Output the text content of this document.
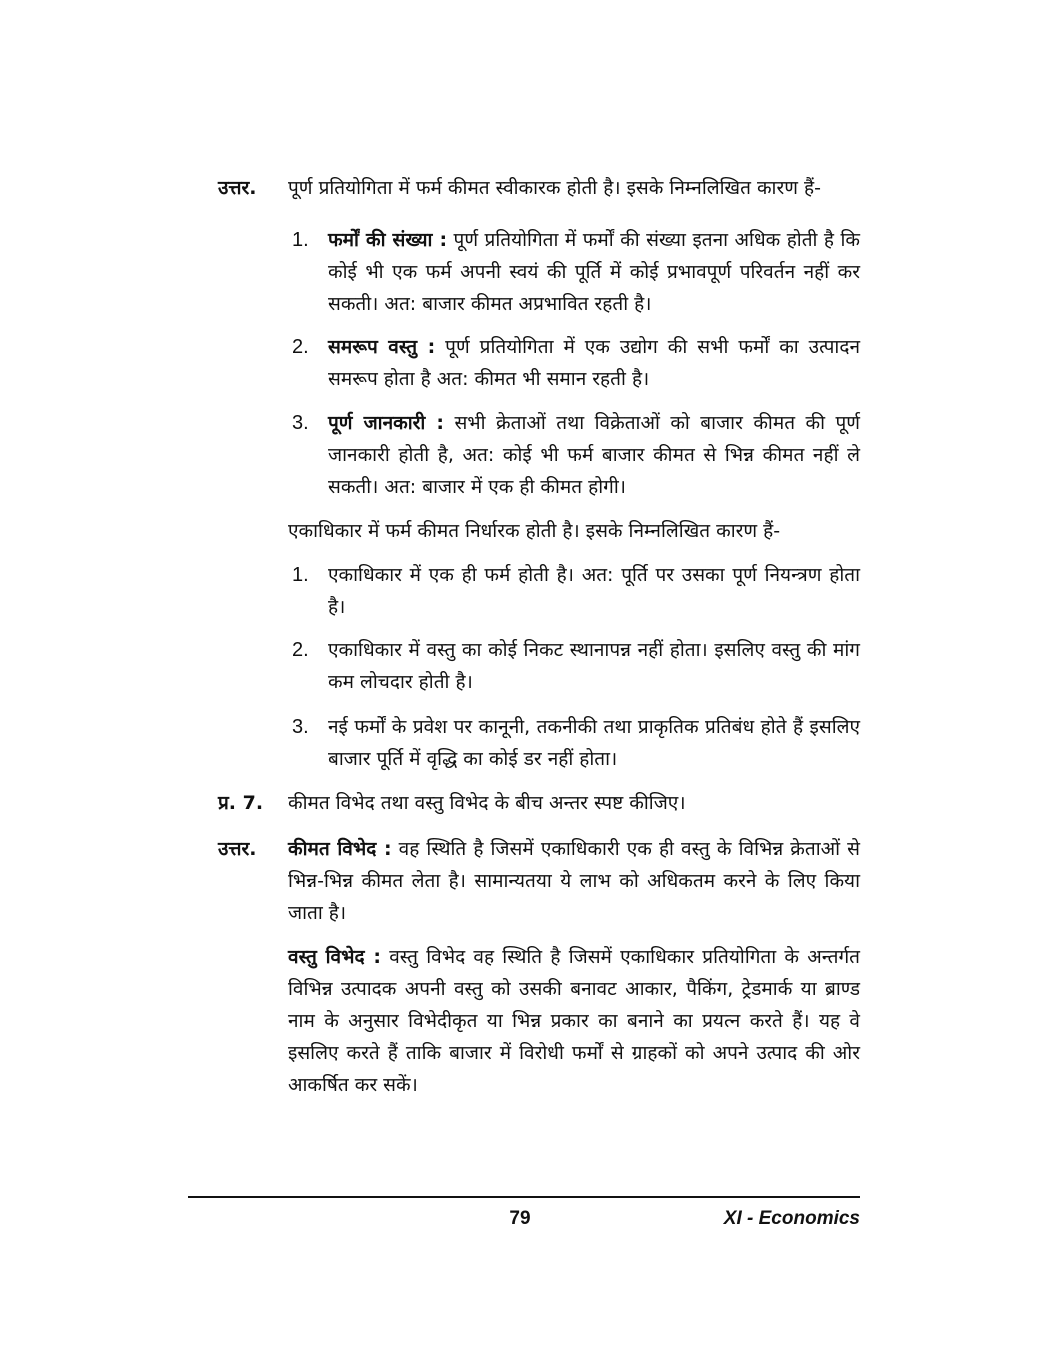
उत्तर. पूर्ण प्रतियोगिता में फर्म कीमत स्वीकारक होती है। इसके निम्नलिखित कारण हैं-
1. फर्मों की संख्या : पूर्ण प्रतियोगिता में फर्मों की संख्या इतना अधिक होती है कि कोई भी एक फर्म अपनी स्वयं की पूर्ति में कोई प्रभावपूर्ण परिवर्तन नहीं कर सकती। अत: बाजार कीमत अप्रभावित रहती है।
2. समरूप वस्तु : पूर्ण प्रतियोगिता में एक उद्योग की सभी फर्मों का उत्पादन समरूप होता है अत: कीमत भी समान रहती है।
3. पूर्ण जानकारी : सभी क्रेताओं तथा विक्रेताओं को बाजार कीमत की पूर्ण जानकारी होती है, अत: कोई भी फर्म बाजार कीमत से भिन्न कीमत नहीं ले सकती। अत: बाजार में एक ही कीमत होगी।
एकाधिकार में फर्म कीमत निर्धारक होती है। इसके निम्नलिखित कारण हैं-
1. एकाधिकार में एक ही फर्म होती है। अत: पूर्ति पर उसका पूर्ण नियन्त्रण होता है।
2. एकाधिकार में वस्तु का कोई निकट स्थानापन्न नहीं होता। इसलिए वस्तु की मांग कम लोचदार होती है।
3. नई फर्मों के प्रवेश पर कानूनी, तकनीकी तथा प्राकृतिक प्रतिबंध होते हैं इसलिए बाजार पूर्ति में वृद्धि का कोई डर नहीं होता।
प्र. 7. कीमत विभेद तथा वस्तु विभेद के बीच अन्तर स्पष्ट कीजिए।
उत्तर. कीमत विभेद : वह स्थिति है जिसमें एकाधिकारी एक ही वस्तु के विभिन्न क्रेताओं से भिन्न-भिन्न कीमत लेता है। सामान्यतया ये लाभ को अधिकतम करने के लिए किया जाता है।
वस्तु विभेद : वस्तु विभेद वह स्थिति है जिसमें एकाधिकार प्रतियोगिता के अन्तर्गत विभिन्न उत्पादक अपनी वस्तु को उसकी बनावट आकार, पैकिंग, ट्रेडमार्क या ब्राण्ड नाम के अनुसार विभेदीकृत या भिन्न प्रकार का बनाने का प्रयत्न करते हैं। यह वे इसलिए करते हैं ताकि बाजार में विरोधी फर्मों से ग्राहकों को अपने उत्पाद की ओर आकर्षित कर सकें।
79	XI - Economics
